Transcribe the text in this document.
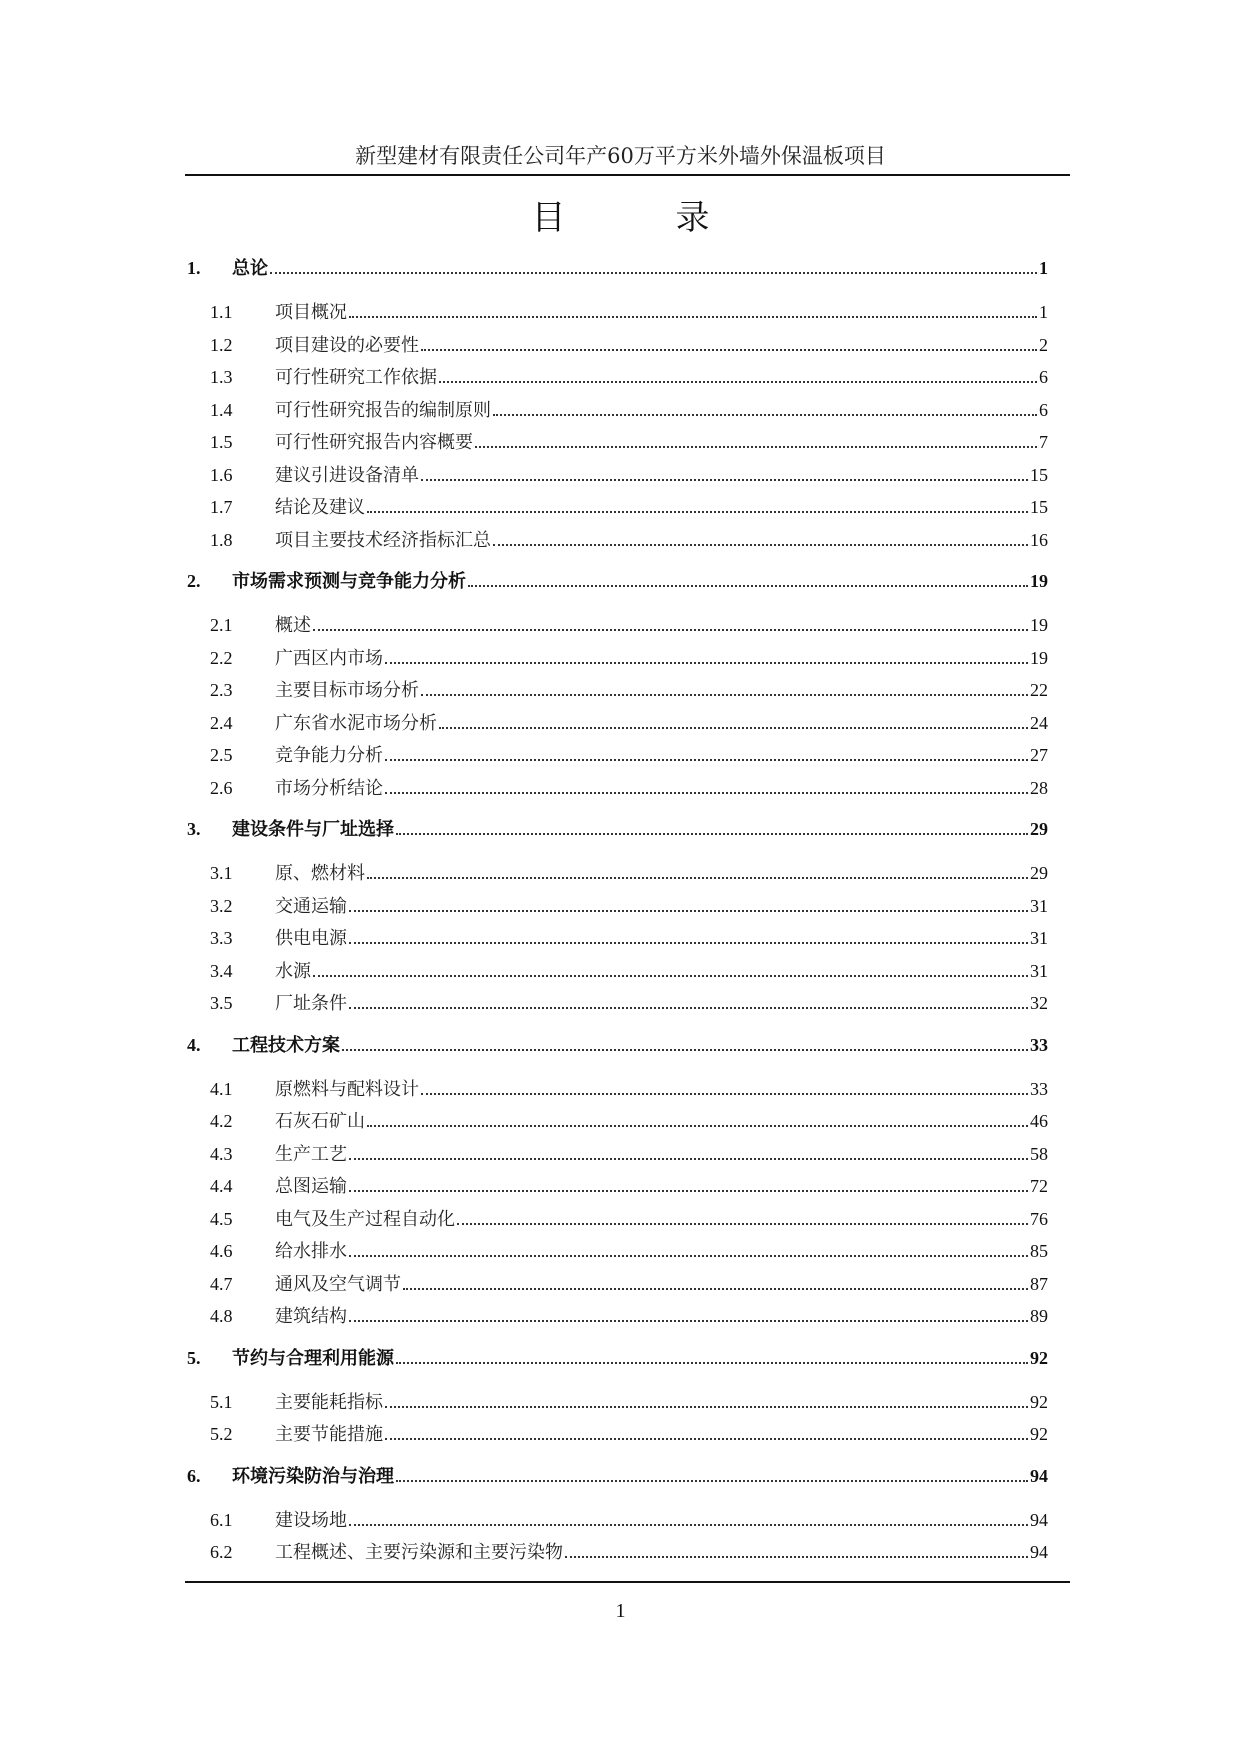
新型建材有限责任公司年产60万平方米外墙外保温板项目
目	录
1.	总论	1
1.1	项目概况	1
1.2	项目建设的必要性	2
1.3	可行性研究工作依据	6
1.4	可行性研究报告的编制原则	6
1.5	可行性研究报告内容概要	7
1.6	建议引进设备清单	15
1.7	结论及建议	15
1.8	项目主要技术经济指标汇总	16
2.	市场需求预测与竞争能力分析	19
2.1	概述	19
2.2	广西区内市场	19
2.3	主要目标市场分析	22
2.4	广东省水泥市场分析	24
2.5	竞争能力分析	27
2.6	市场分析结论	28
3.	建设条件与厂址选择	29
3.1	原、燃材料	29
3.2	交通运输	31
3.3	供电电源	31
3.4	水源	31
3.5	厂址条件	32
4.	工程技术方案	33
4.1	原燃料与配料设计	33
4.2	石灰石矿山	46
4.3	生产工艺	58
4.4	总图运输	72
4.5	电气及生产过程自动化	76
4.6	给水排水	85
4.7	通风及空气调节	87
4.8	建筑结构	89
5.	节约与合理利用能源	92
5.1	主要能耗指标	92
5.2	主要节能措施	92
6.	环境污染防治与治理	94
6.1	建设场地	94
6.2	工程概述、主要污染源和主要污染物	94
1
